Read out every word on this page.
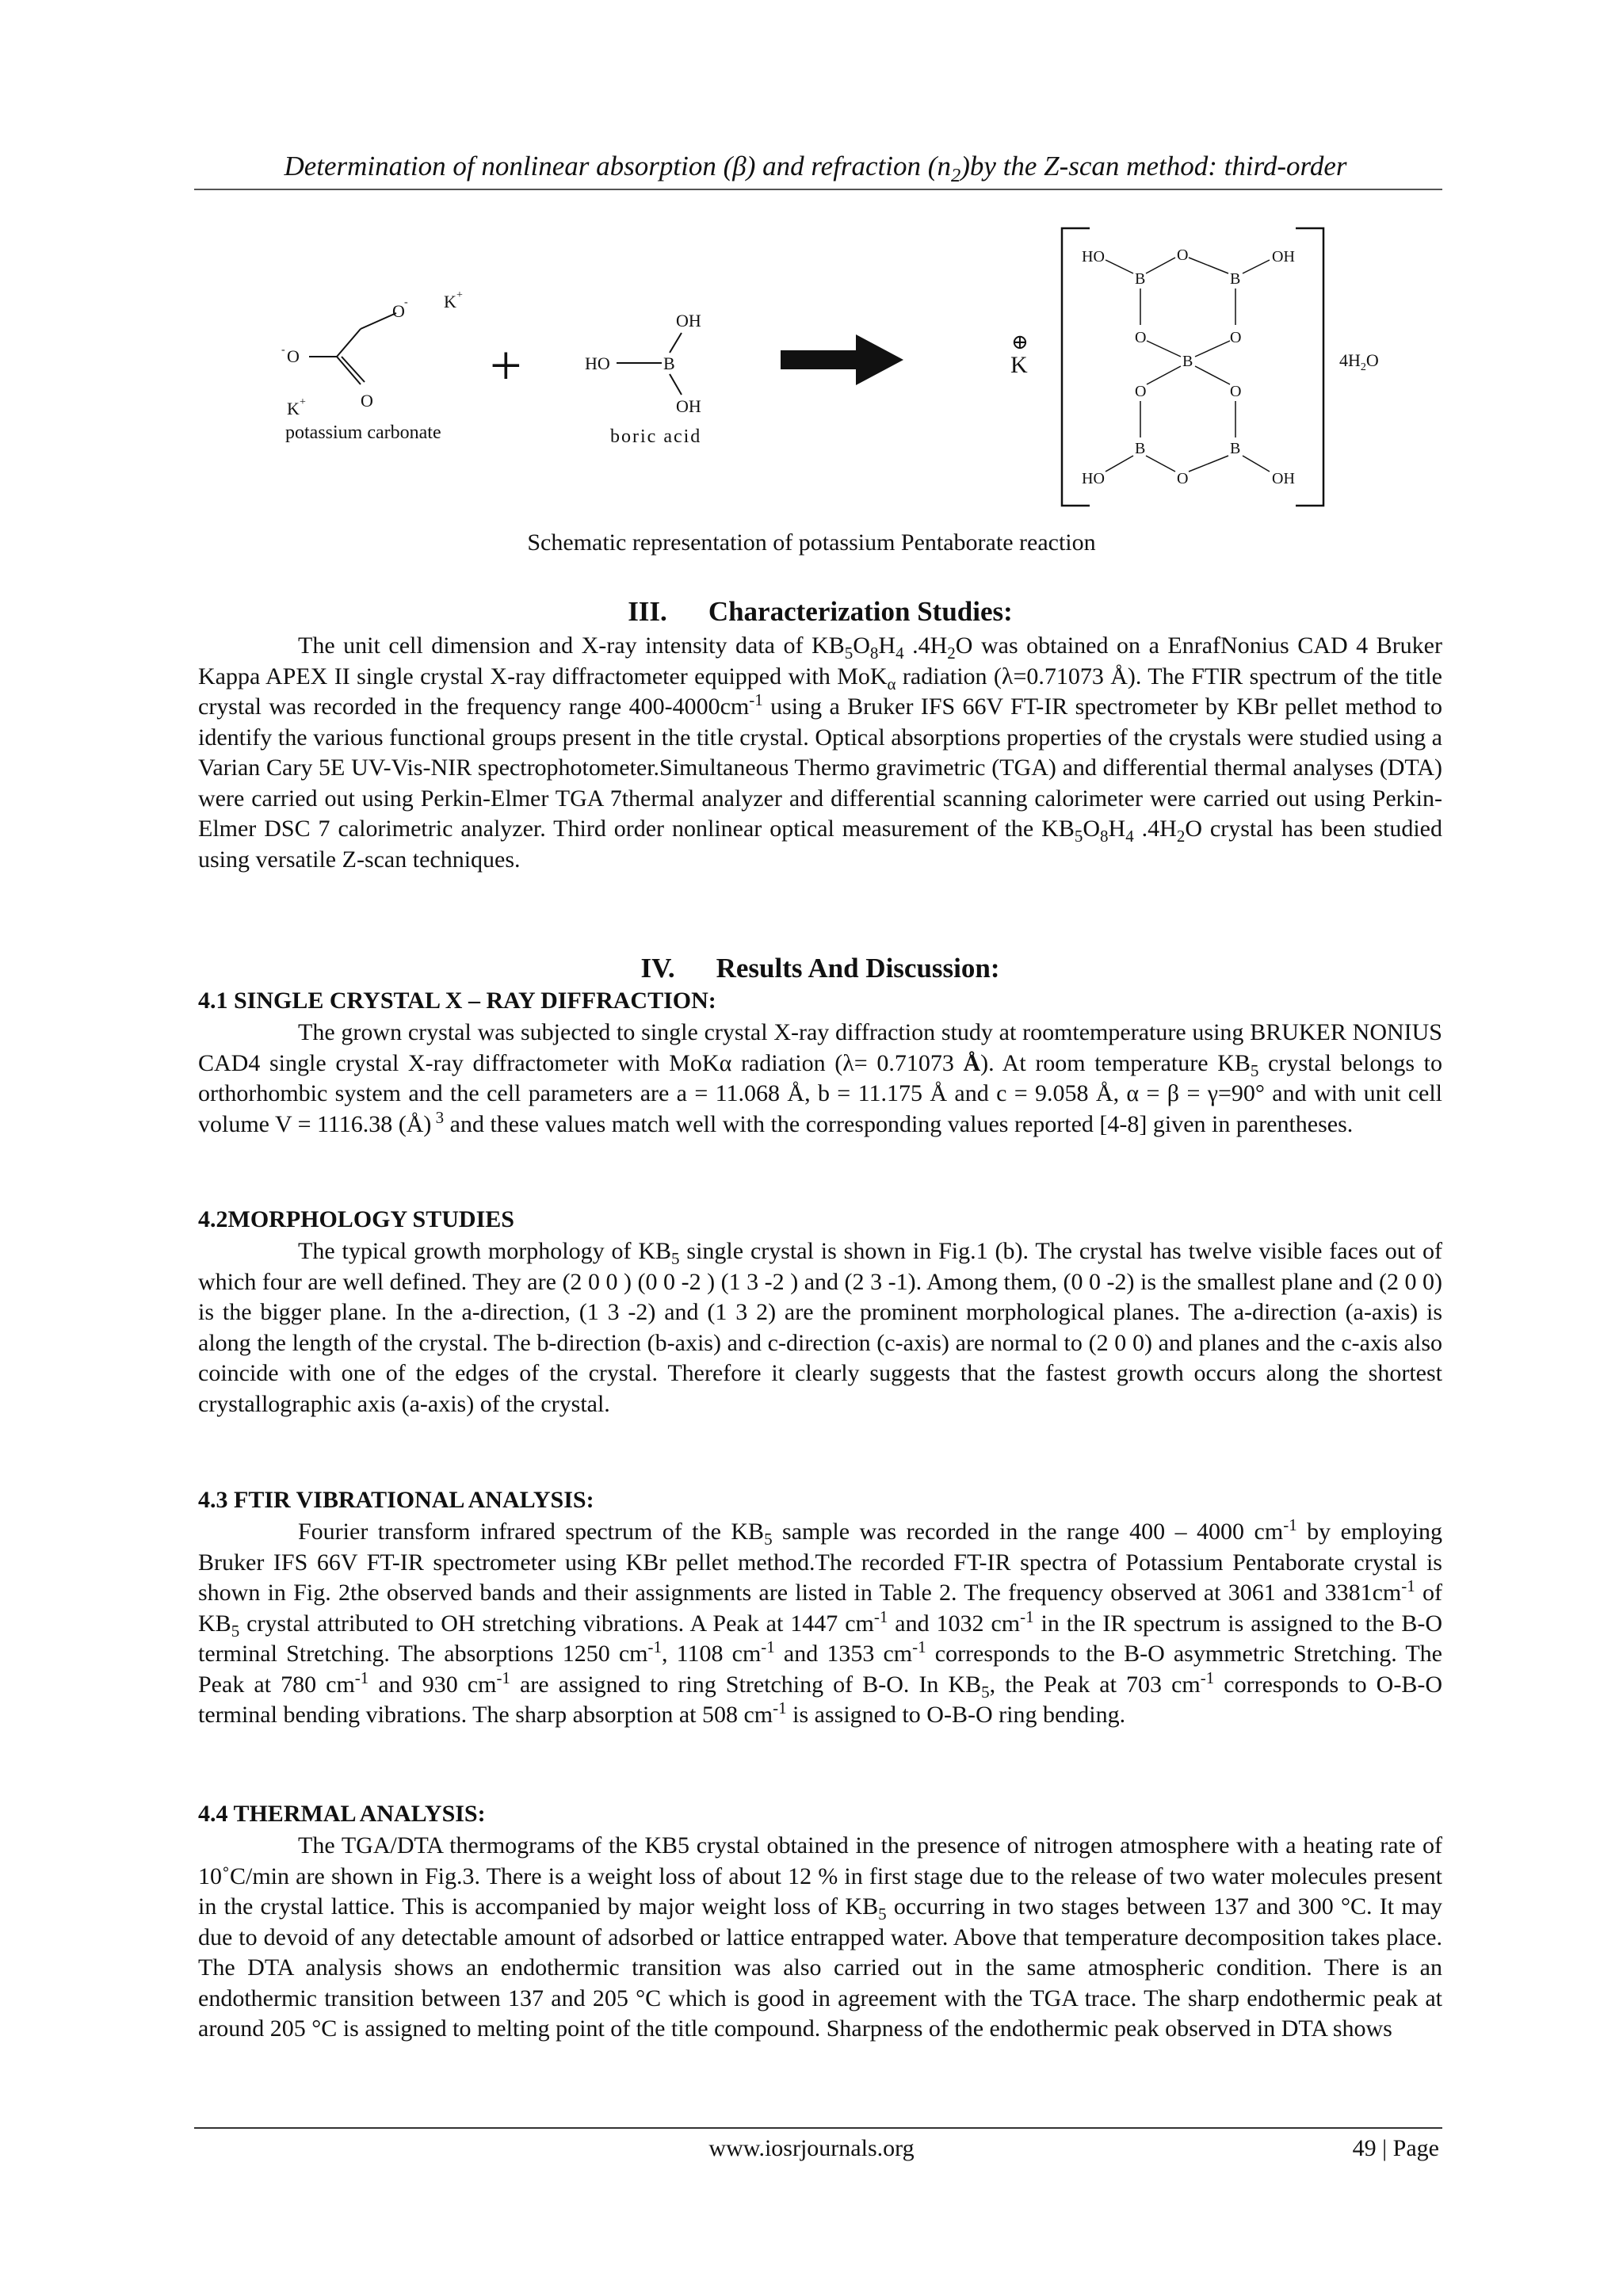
Determination of nonlinear absorption (β) and refraction $(n_2)by$ the Z-scan method: third-order
O - K +
O
-
O
K +
potassium carbonate
+	HO	B
OH
OH
boric acid
⊕
K
HO	O	OH
B	B
O	O
B
O	O
B	B
HO	O	OH
$4H_2O$
Schematic representation of potassium Pentaborate reaction
III. Characterization Studies:

The unit cell dimension and X-ray intensity data of $KB_5O_8H_4$ $.4H_2O$ was obtained on a EnrafNonius CAD 4 Bruker Kappa APEX II single crystal X-ray diffractometer equipped with MoK$_\alpha$ radiation (λ=0.71073 Å). The FTIR spectrum of the title crystal was recorded in the frequency range $400-4000cm^{-1}$ using a Bruker IFS 66V FT-IR spectrometer by KBr pellet method to identify the various functional groups present in the title crystal. Optical absorptions properties of the crystals were studied using a Varian Cary 5E UV-Vis-NIR spectrophotometer.Simultaneous Thermo gravimetric (TGA) and differential thermal analyses (DTA) were carried out using Perkin-Elmer TGA 7thermal analyzer and differential scanning calorimeter were carried out using Perkin-Elmer DSC 7 calorimetric analyzer. Third order nonlinear optical measurement of the $KB_5O_8H_4$ $.4H_2O$ crystal has been studied using versatile Z-scan techniques.

IV. Results And Discussion:
4.1 SINGLE CRYSTAL X – RAY DIFFRACTION:

The grown crystal was subjected to single crystal X-ray diffraction study at roomtemperature using BRUKER NONIUS CAD4 single crystal X-ray diffractometer with MoKα radiation (λ= 0.71073 Å). At room temperature $KB_5$ crystal belongs to orthorhombic system and the cell parameters are a = 11.068 Å, b = 11.175 Å and c = 9.058 Å, α = β = γ=90° and with unit cell volume V = 1116.38 (Å) $^3$ and these values match well with the corresponding values reported [4-8] given in parentheses.

4.2MORPHOLOGY STUDIES

The typical growth morphology of $KB_5$ single crystal is shown in Fig.1 (b). The crystal has twelve visible faces out of which four are well defined. They are (2 0 0 ) (0 0 -2 ) (1 3 -2 ) and (2 3 -1). Among them, (0 0 -2) is the smallest plane and (2 0 0) is the bigger plane. In the a-direction, (1 3 -2) and (1 3 2) are the prominent morphological planes. The a-direction (a-axis) is along the length of the crystal. The b-direction (b-axis) and c-direction (c-axis) are normal to (2 0 0) and planes and the c-axis also coincide with one of the edges of the crystal. Therefore it clearly suggests that the fastest growth occurs along the shortest crystallographic axis (a-axis) of the crystal.

4.3 FTIR VIBRATIONAL ANALYSIS:

Fourier transform infrared spectrum of the $KB_5$ sample was recorded in the range 400 – 4000 $cm^{-1}$ by employing Bruker IFS 66V FT-IR spectrometer using KBr pellet method.The recorded FT-IR spectra of Potassium Pentaborate crystal is shown in Fig. 2the observed bands and their assignments are listed in Table 2. The frequency observed at 3061 and $3381cm^{-1}$ of $KB_5$ crystal attributed to OH stretching vibrations. A Peak at 1447 $cm^{-1}$ and 1032 $cm^{-1}$ in the IR spectrum is assigned to the B-O terminal Stretching. The absorptions 1250 $cm^{-1}$, 1108 $cm^{-1}$ and 1353 $cm^{-1}$ corresponds to the B-O asymmetric Stretching. The Peak at 780 $cm^{-1}$ and 930 $cm^{-1}$ are assigned to ring Stretching of B-O. In $KB_5$, the Peak at 703 $cm^{-1}$ corresponds to O-B-O terminal bending vibrations. The sharp absorption at 508 $cm^{-1}$ is assigned to O-B-O ring bending.

4.4 THERMAL ANALYSIS:

The TGA/DTA thermograms of the KB5 crystal obtained in the presence of nitrogen atmosphere with a heating rate of 10˚C/min are shown in Fig.3. There is a weight loss of about 12 % in first stage due to the release of two water molecules present in the crystal lattice. This is accompanied by major weight loss of $KB_5$ occurring in two stages between 137 and 300 °C. It may due to devoid of any detectable amount of adsorbed or lattice entrapped water. Above that temperature decomposition takes place. The DTA analysis shows an endothermic transition was also carried out in the same atmospheric condition. There is an endothermic transition between 137 and 205 °C which is good in agreement with the TGA trace. The sharp endothermic peak at around 205 °C is assigned to melting point of the title compound. Sharpness of the endothermic peak observed in DTA shows

www.iosrjournals.org	49 | Page
